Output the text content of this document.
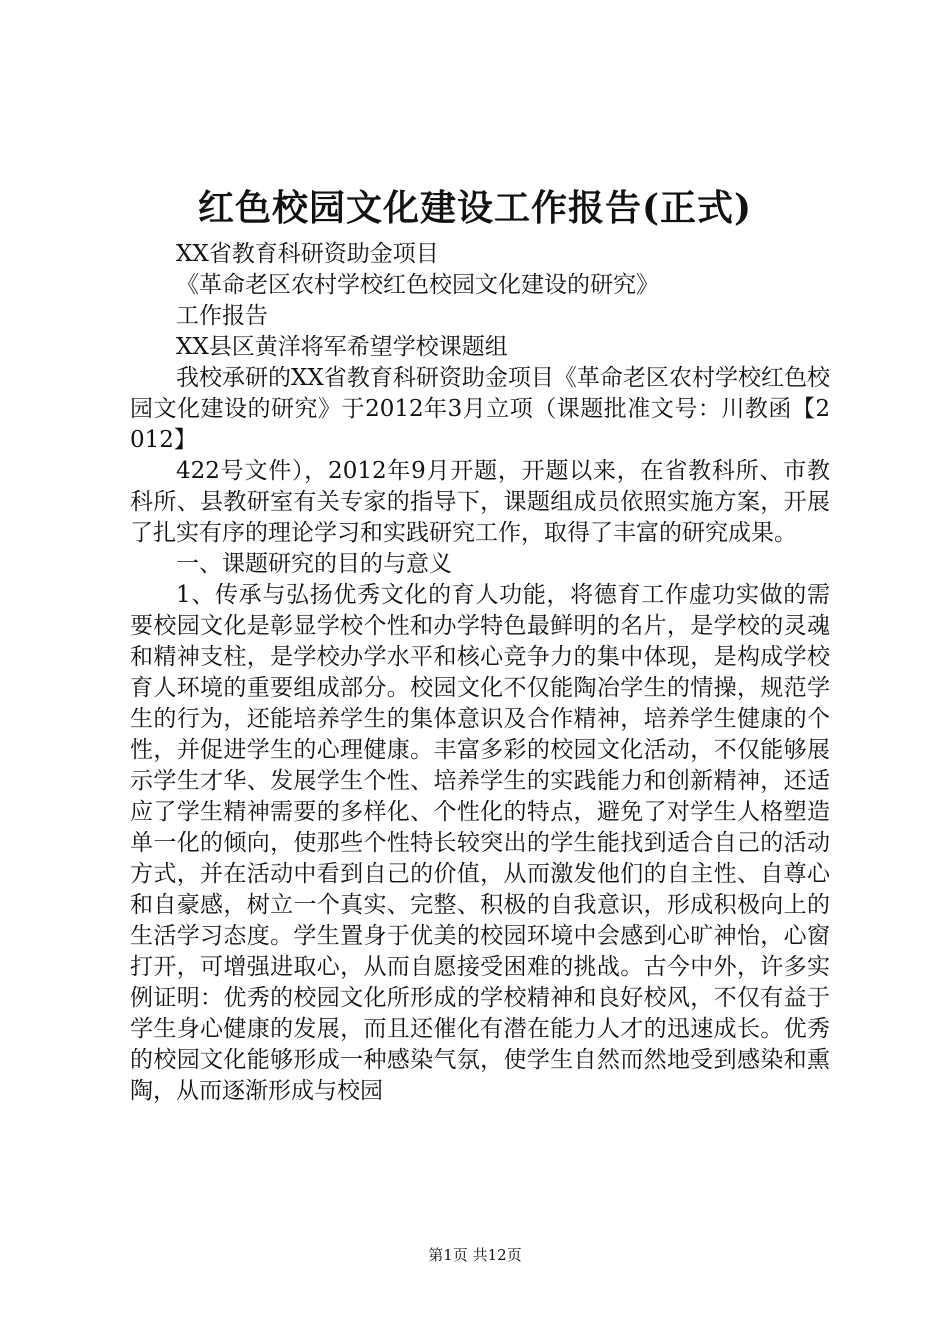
红色校园文化建设工作报告(正式)

XX省教育科研资助金项目

《革命老区农村学校红色校园文化建设的研究》

工作报告

XX县区黄洋将军希望学校课题组

我校承研的XX省教育科研资助金项目《革命老区农村学校红色校园文化建设的研究》于2012年3月立项（课题批准文号：川教函【2012】

422号文件），2012年9月开题，开题以来，在省教科所、市教科所、县教研室有关专家的指导下，课题组成员依照实施方案，开展了扎实有序的理论学习和实践研究工作，取得了丰富的研究成果。

一、课题研究的目的与意义

1、传承与弘扬优秀文化的育人功能，将德育工作虚功实做的需要校园文化是彰显学校个性和办学特色最鲜明的名片，是学校的灵魂和精神支柱，是学校办学水平和核心竞争力的集中体现，是构成学校育人环境的重要组成部分。校园文化不仅能陶冶学生的情操，规范学生的行为，还能培养学生的集体意识及合作精神，培养学生健康的个性，并促进学生的心理健康。丰富多彩的校园文化活动，不仅能够展示学生才华、发展学生个性、培养学生的实践能力和创新精神，还适应了学生精神需要的多样化、个性化的特点，避免了对学生人格塑造单一化的倾向，使那些个性特长较突出的学生能找到适合自己的活动方式，并在活动中看到自己的价值，从而激发他们的自主性、自尊心和自豪感，树立一个真实、完整、积极的自我意识，形成积极向上的生活学习态度。学生置身于优美的校园环境中会感到心旷神怡，心窗打开，可增强进取心，从而自愿接受困难的挑战。古今中外，许多实例证明：优秀的校园文化所形成的学校精神和良好校风，不仅有益于学生身心健康的发展，而且还催化有潜在能力人才的迅速成长。优秀的校园文化能够形成一种感染气氛，使学生自然而然地受到感染和熏陶，从而逐渐形成与校园

第1页 共12页
